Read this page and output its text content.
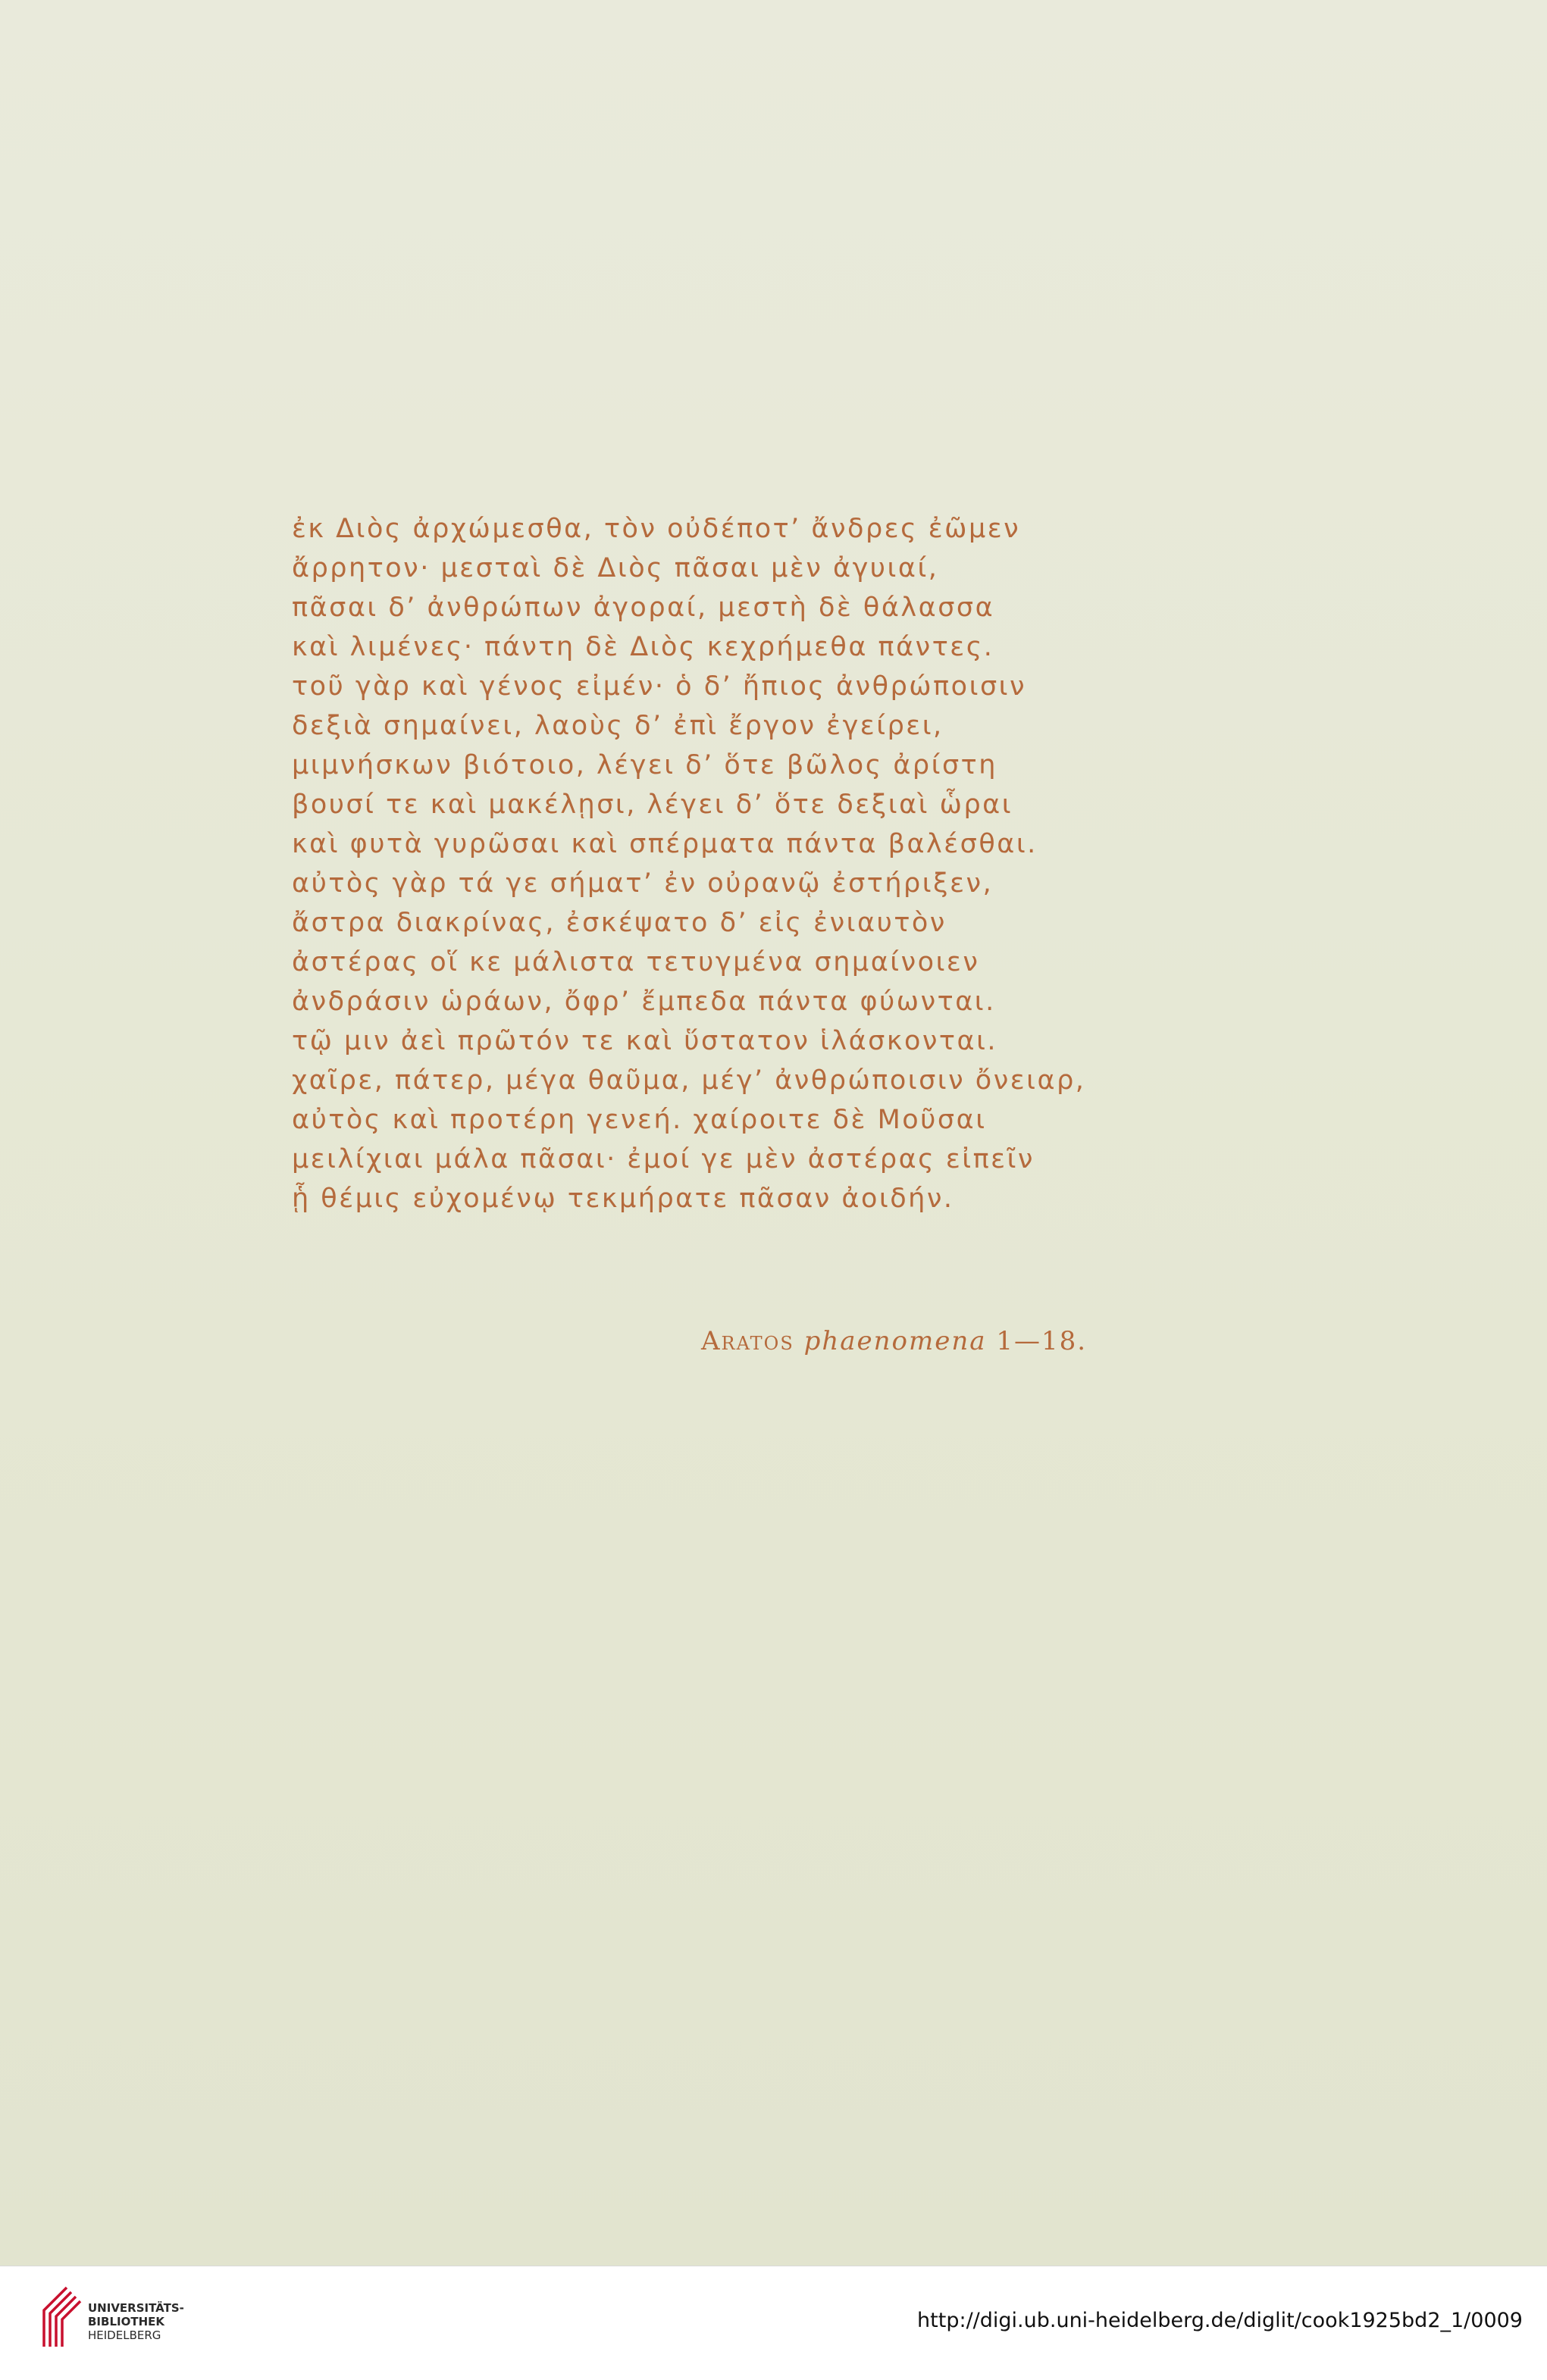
ἐκ Διὸς ἀρχώμεσθα, τὸν οὐδέποτ’ ἄνδρες ἐῶμεν
ἄρρητον· μεσταὶ δὲ Διὸς πᾶσαι μὲν ἀγυιαί,
πᾶσαι δ’ ἀνθρώπων ἀγοραί, μεστὴ δὲ θάλασσα
καὶ λιμένες· πάντη δὲ Διὸς κεχρήμεθα πάντες.
τοῦ γὰρ καὶ γένος εἰμέν· ὁ δ’ ἤπιος ἀνθρώποισιν
δεξιὰ σημαίνει, λαοὺς δ’ ἐπὶ ἔργον ἐγείρει,
μιμνήσκων βιότοιο, λέγει δ’ ὅτε βῶλος ἀρίστη
βουσί τε καὶ μακέλῃσι, λέγει δ’ ὅτε δεξιαὶ ὧραι
καὶ φυτὰ γυρῶσαι καὶ σπέρματα πάντα βαλέσθαι.
αὐτὸς γὰρ τά γε σήματ’ ἐν οὐρανῷ ἐστήριξεν,
ἄστρα διακρίνας, ἐσκέψατο δ’ εἰς ἐνιαυτὸν
ἀστέρας οἵ κε μάλιστα τετυγμένα σημαίνοιεν
ἀνδράσιν ὡράων, ὄφρ’ ἔμπεδα πάντα φύωνται.
τῷ μιν ἀεὶ πρῶτόν τε καὶ ὕστατον ἱλάσκονται.
χαῖρε, πάτερ, μέγα θαῦμα, μέγ’ ἀνθρώποισιν ὄνειαρ,
αὐτὸς καὶ προτέρη γενεή. χαίροιτε δὲ Μοῦσαι
μειλίχιαι μάλα πᾶσαι· ἐμοί γε μὲν ἀστέρας εἰπεῖν
ᾗ θέμις εὐχομένῳ τεκμήρατε πᾶσαν ἀοιδήν.
Aratos phaenomena 1—18.
UNIVERSITÄTS-
BIBLIOTHEK
HEIDELBERG
http://digi.ub.uni-heidelberg.de/diglit/cook1925bd2_1/0009
